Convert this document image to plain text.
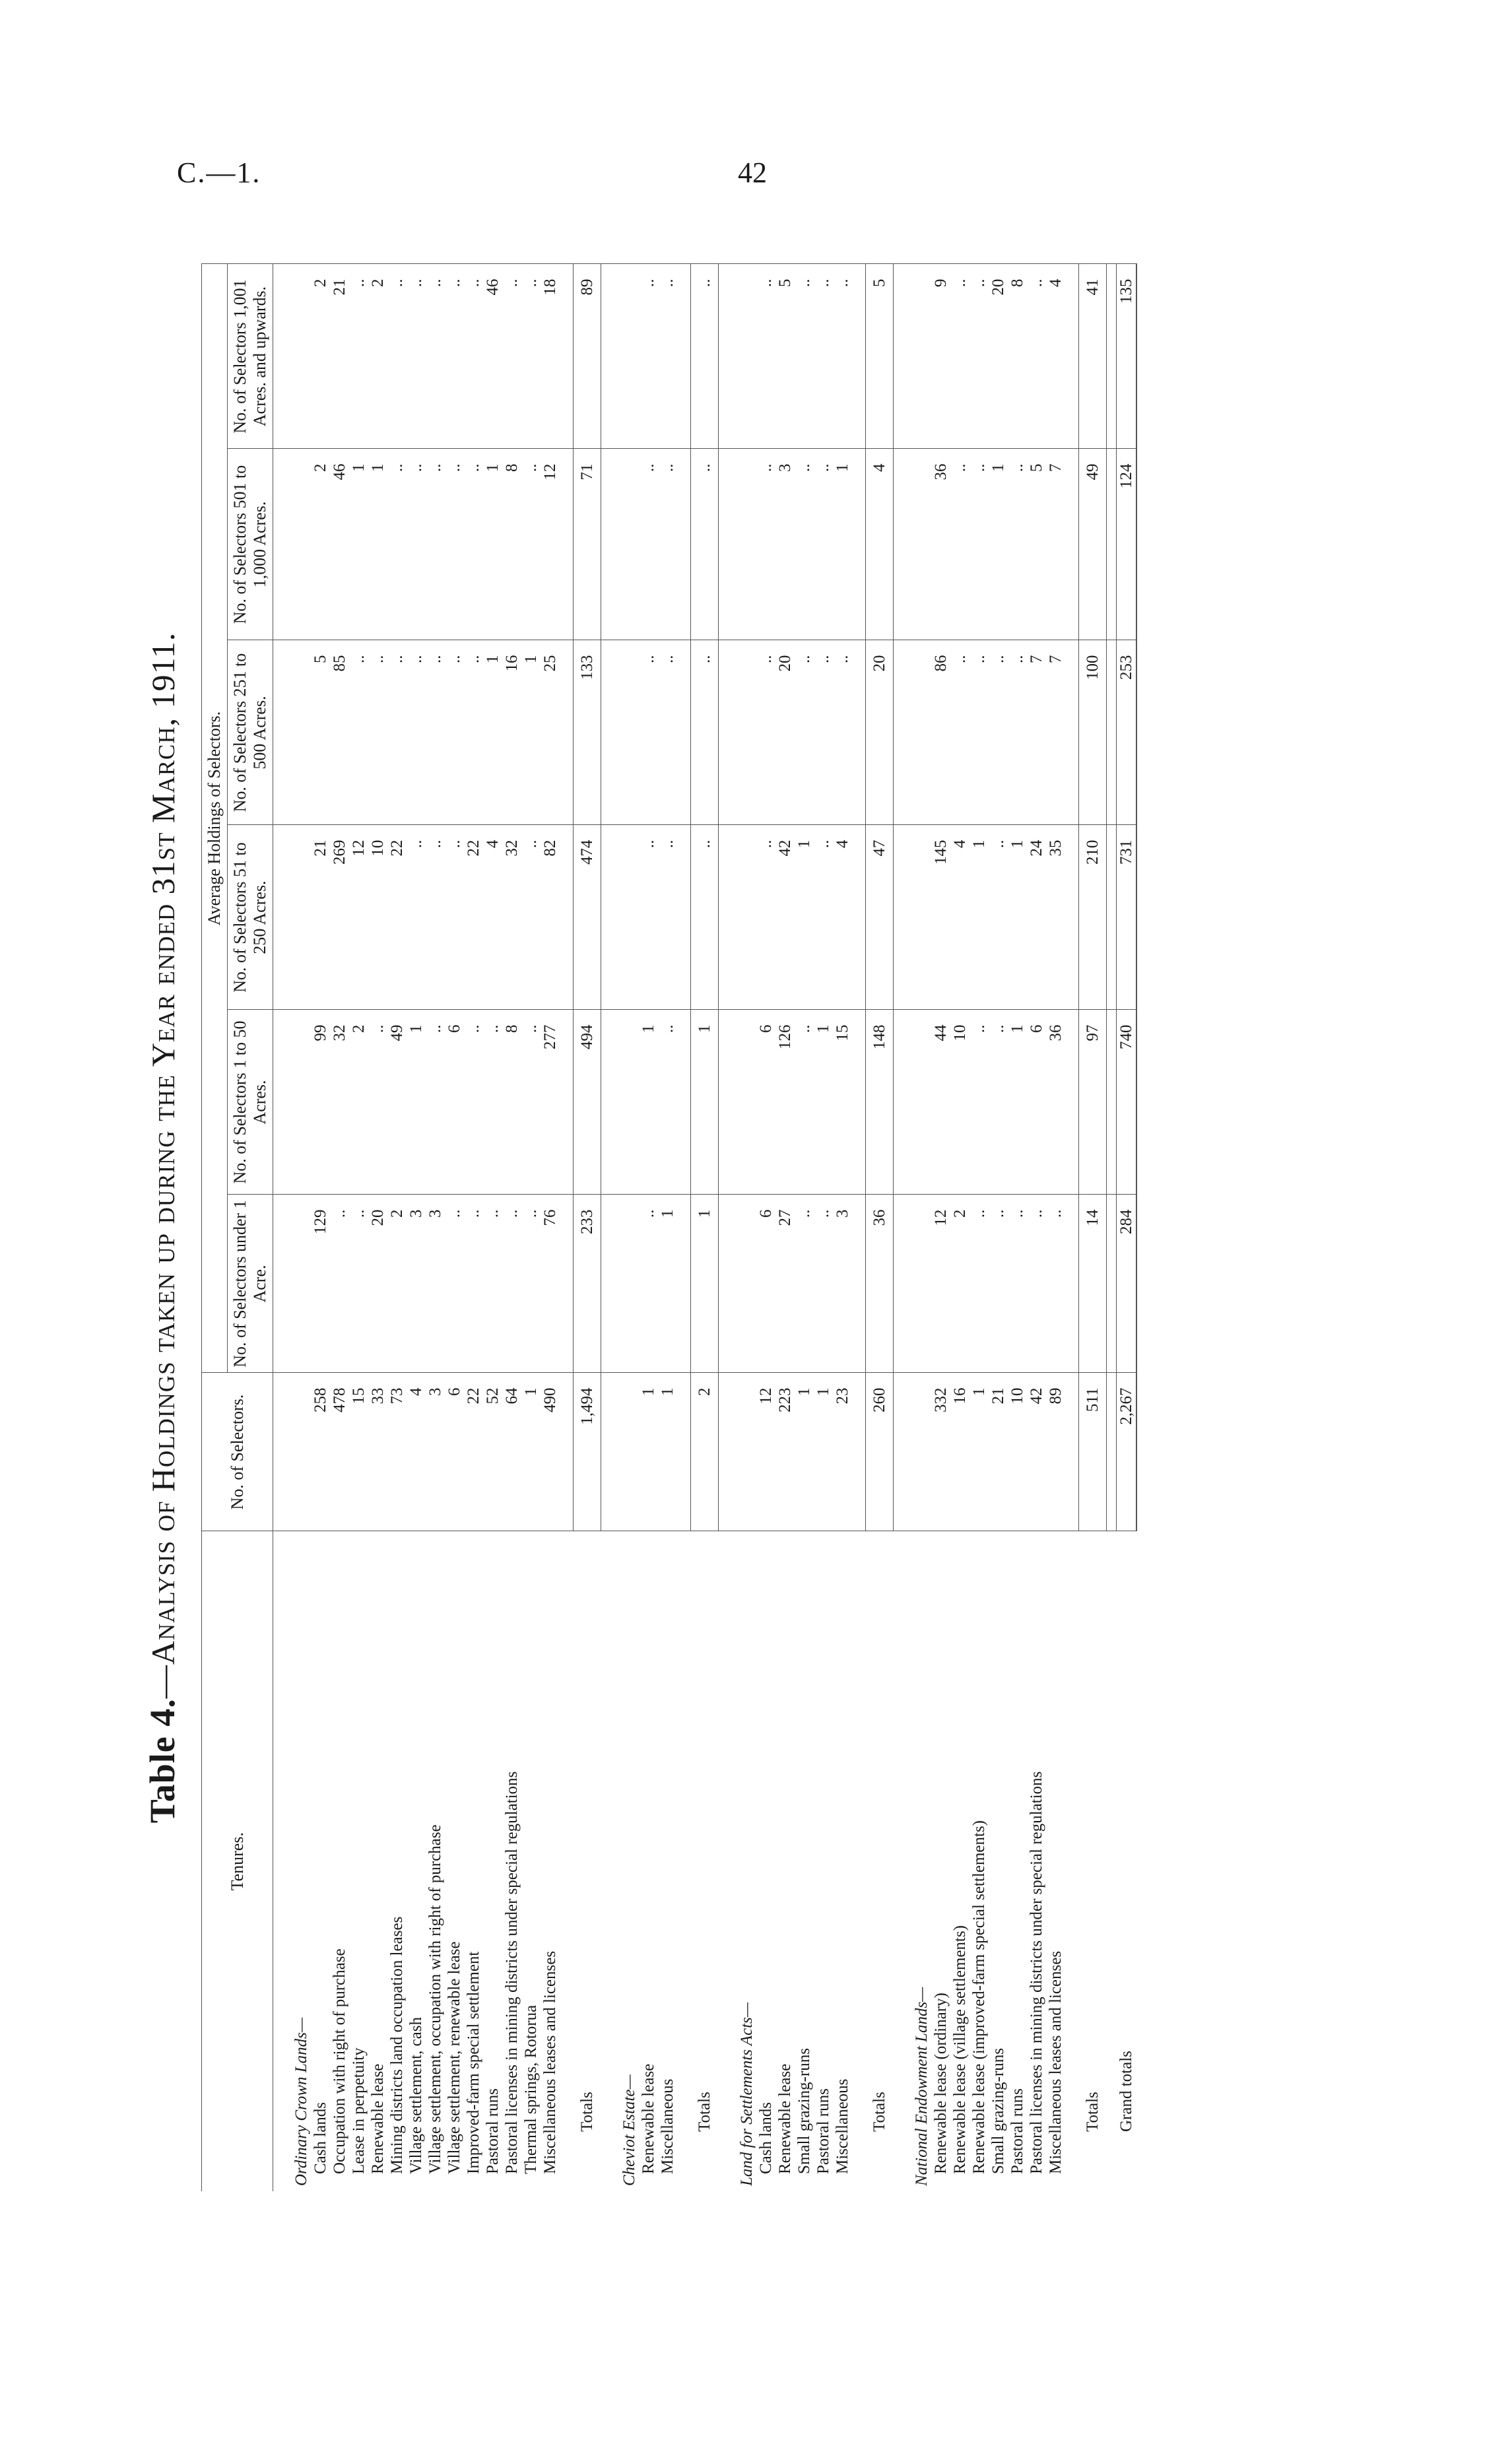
C.—1.	42
Table 4.—Analysis of Holdings taken up during the Year ended 31st March, 1911.
Tenures.	No. of Selectors.	Average Holdings of Selectors.					
		No. of Selectors under 1 Acre.	No. of Selectors 1 to 50 Acres.	No. of Selectors 51 to 250 Acres.	No. of Selectors 251 to 500 Acres.	No. of Selectors 501 to 1,000 Acres.	No. of Selectors 1,001 Acres. and upwards.

Ordinary Crown Lands—							
Cash lands	258	129	99	21	5	2	2
Occupation with right of purchase	478	..	32	269	85	46	21
Lease in perpetuity	15	..	2	12	..	1	..
Renewable lease	33	20	..	10	..	1	2
Mining districts land occupation leases	73	2	49	22	..	..	..
Village settlement, cash	4	3	1	..	..	..	..
Village settlement, occupation with right of purchase	3	3	..	..	..	..	..
Village settlement, renewable lease	6	..	6	..	..	..	..
Improved-farm special settlement	22	..	..	22	..	..	..
Pastoral runs	52	..	..	4	1	1	46
Pastoral licenses in mining districts under special regulations	64	..	8	32	16	8	..
Thermal springs, Rotorua	1	..	..	..	1	..	..
Miscellaneous leases and licenses	490	76	277	82	25	12	18

Totals	1,494	233	494	474	133	71	89

Cheviot Estate—							
Renewable lease	1	..	1	..	..	..	..
Miscellaneous	1	1	..	..	..	..	..

Totals	2	1	1	..	..	..	..

Land for Settlements Acts—							
Cash lands	12	6	6	..	..	..	..
Renewable lease	223	27	126	42	20	3	5
Small grazing-runs	1	..	..	1	..	..	..
Pastoral runs	1	..	1	..	..	..	..
Miscellaneous	23	3	15	4	..	1	..

Totals	260	36	148	47	20	4	5

National Endowment Lands—							
Renewable lease (ordinary)	332	12	44	145	86	36	9
Renewable lease (village settlements)	16	2	10	4	..	..	..
Renewable lease (improved-farm special settlements)	1	..	..	1	..	..	..
Small grazing-runs	21	..	..	..	..	1	20
Pastoral runs	10	..	1	1	..	..	8
Pastoral licenses in mining districts under special regulations	42	..	6	24	7	5	..
Miscellaneous leases and licenses	89	..	36	35	7	7	4

Totals	511	14	97	210	100	49	41

Grand totals	2,267	284	740	731	253	124	135
